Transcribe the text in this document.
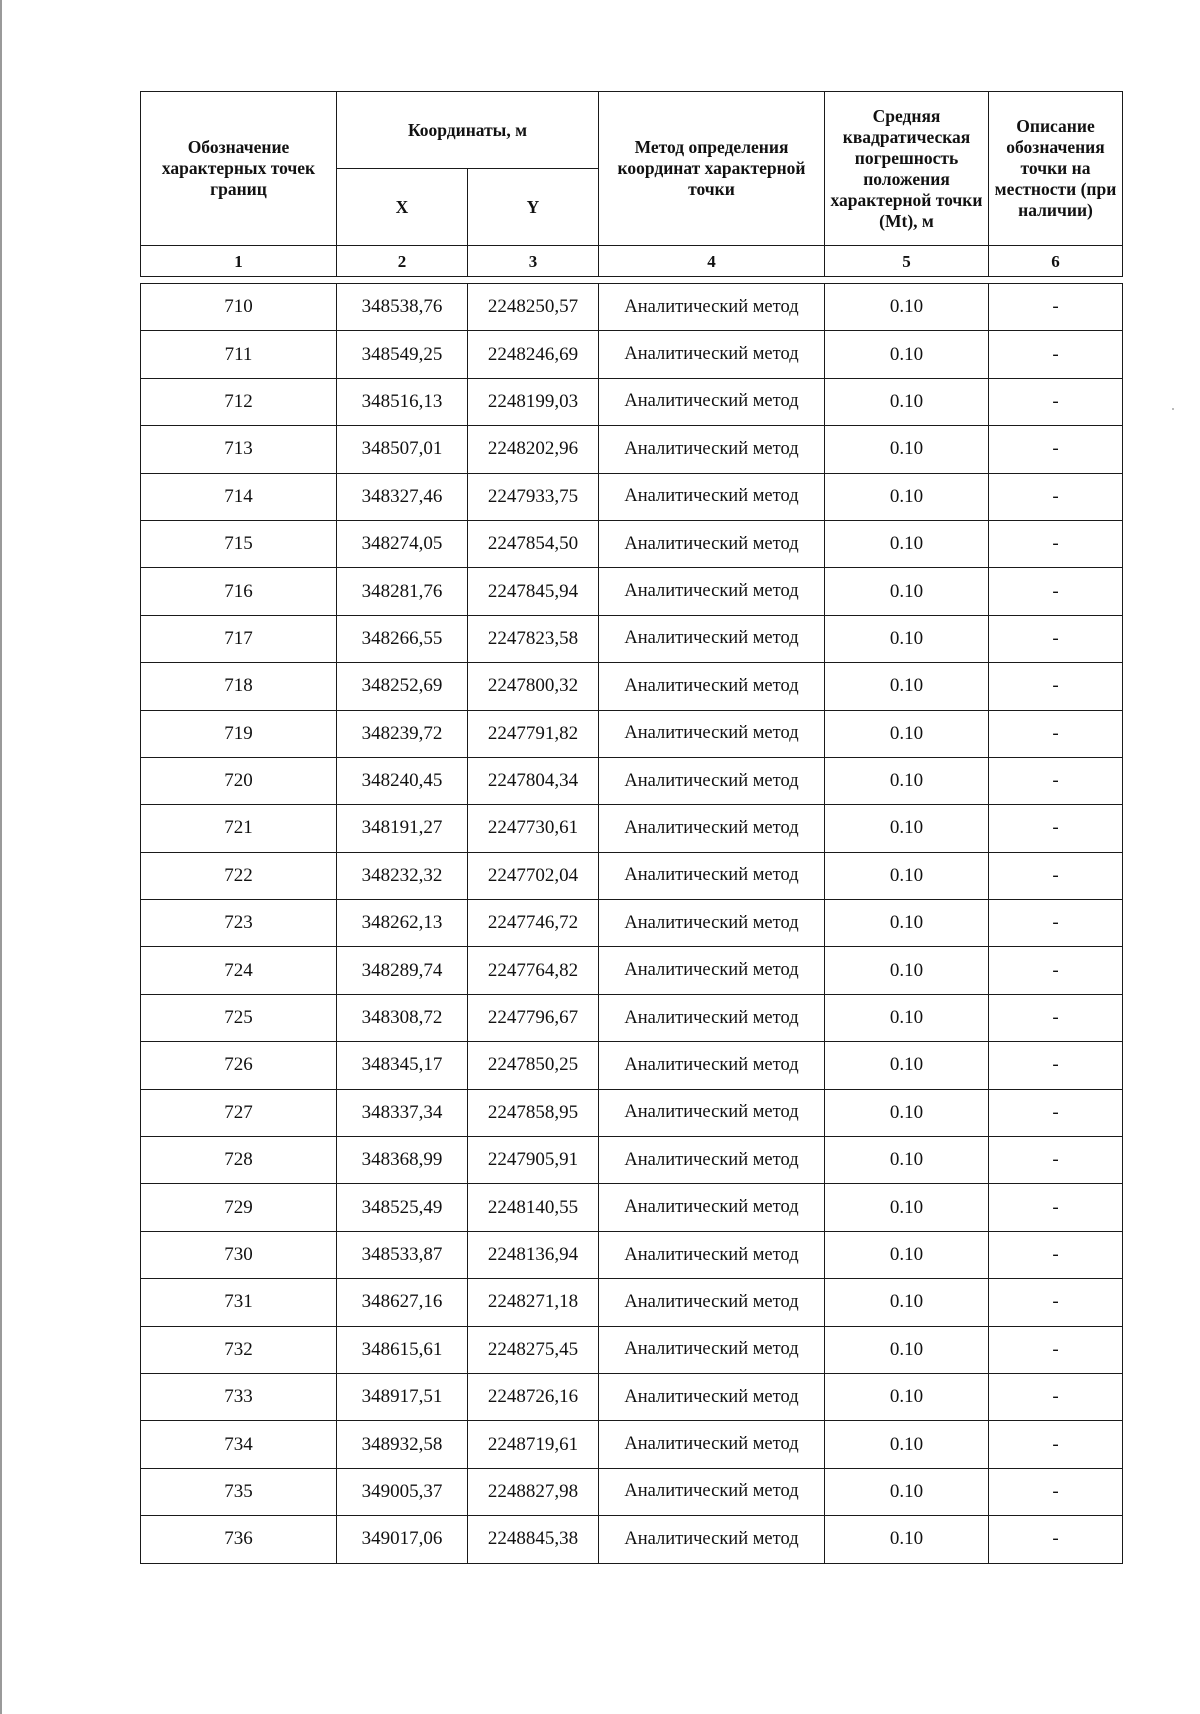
Обозначение характерных точек границ	Координаты, м		Метод определения координат характерной точки	Средняя квадратическая погрешность положения характерной точки (Mt), м	Описание обозначения точки на местности (при наличии)
	X	Y			
1	2	3	4	5	6
710	348538,76	2248250,57	Аналитический метод	0.10	-
711	348549,25	2248246,69	Аналитический метод	0.10	-
712	348516,13	2248199,03	Аналитический метод	0.10	-
713	348507,01	2248202,96	Аналитический метод	0.10	-
714	348327,46	2247933,75	Аналитический метод	0.10	-
715	348274,05	2247854,50	Аналитический метод	0.10	-
716	348281,76	2247845,94	Аналитический метод	0.10	-
717	348266,55	2247823,58	Аналитический метод	0.10	-
718	348252,69	2247800,32	Аналитический метод	0.10	-
719	348239,72	2247791,82	Аналитический метод	0.10	-
720	348240,45	2247804,34	Аналитический метод	0.10	-
721	348191,27	2247730,61	Аналитический метод	0.10	-
722	348232,32	2247702,04	Аналитический метод	0.10	-
723	348262,13	2247746,72	Аналитический метод	0.10	-
724	348289,74	2247764,82	Аналитический метод	0.10	-
725	348308,72	2247796,67	Аналитический метод	0.10	-
726	348345,17	2247850,25	Аналитический метод	0.10	-
727	348337,34	2247858,95	Аналитический метод	0.10	-
728	348368,99	2247905,91	Аналитический метод	0.10	-
729	348525,49	2248140,55	Аналитический метод	0.10	-
730	348533,87	2248136,94	Аналитический метод	0.10	-
731	348627,16	2248271,18	Аналитический метод	0.10	-
732	348615,61	2248275,45	Аналитический метод	0.10	-
733	348917,51	2248726,16	Аналитический метод	0.10	-
734	348932,58	2248719,61	Аналитический метод	0.10	-
735	349005,37	2248827,98	Аналитический метод	0.10	-
736	349017,06	2248845,38	Аналитический метод	0.10	-
